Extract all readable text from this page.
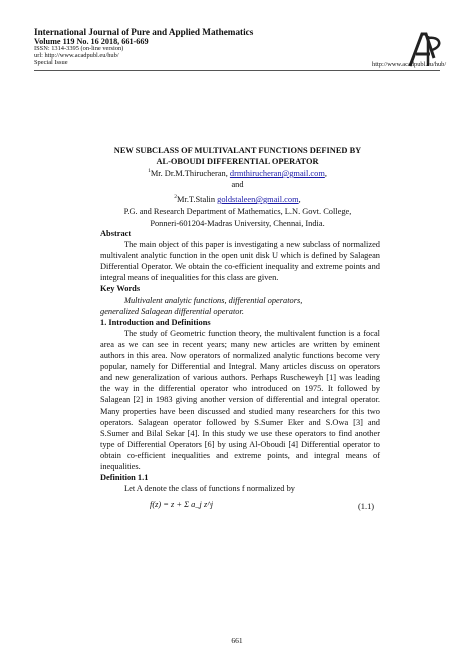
International Journal of Pure and Applied Mathematics
Volume 119 No. 16 2018, 661-669
ISSN: 1314-3395 (on-line version)
url: http://www.acadpubl.eu/hub/
Special Issue	http://www.acadpubl.eu/hub/
NEW SUBCLASS OF MULTIVALANT FUNCTIONS DEFINED BY
AL-OBOUDI DIFFERENTIAL OPERATOR
$^1$Mr. Dr.M.Thirucheran, drmthirucheran@gmail.com,
and
$^2$Mr.T.Stalin goldstaleen@gmail.com,
P.G. and Research Department of Mathematics, L.N. Govt. College,
Ponneri-601204-Madras University, Chennai, India.
Abstract
The main object of this paper is investigating a new subclass of normalized multivalent analytic function in the open unit disk U which is defined by Salagean Differential Operator. We obtain the co-efficient inequality and extreme points and integral means of inequalities for this class are given.
Key Words
Multivalent analytic functions, differential operators,
generalized Salagean differential operator.
1. Introduction and Definitions
The study of Geometric function theory, the multivalent function is a focal area as we can see in recent years; many new articles are written by eminent authors in this area. Now operators of normalized analytic functions become very popular, namely for Differential and Integral. Many articles discuss on operators and new generalization of various authors. Perhaps Ruscheweyh [1] was leading the way in the differential operator who introduced on 1975. It followed by Salagean [2] in 1983 giving another version of differential and integral operator. Many properties have been discussed and studied many researchers for this two operators. Salagean operator followed by S.Sumer Eker and S.Owa [3] and S.Sumer and Bilal Sekar [4]. In this study we use these operators to find another type of Differential Operators [6] by using Al-Oboudi [4] Differential operator to obtain co-efficient inequalities and extreme points, and integral means of inequalities.
Definition 1.1
Let A denote the class of functions f normalized by
f(z) = z + Σ a_j z^j	(1.1)
661
